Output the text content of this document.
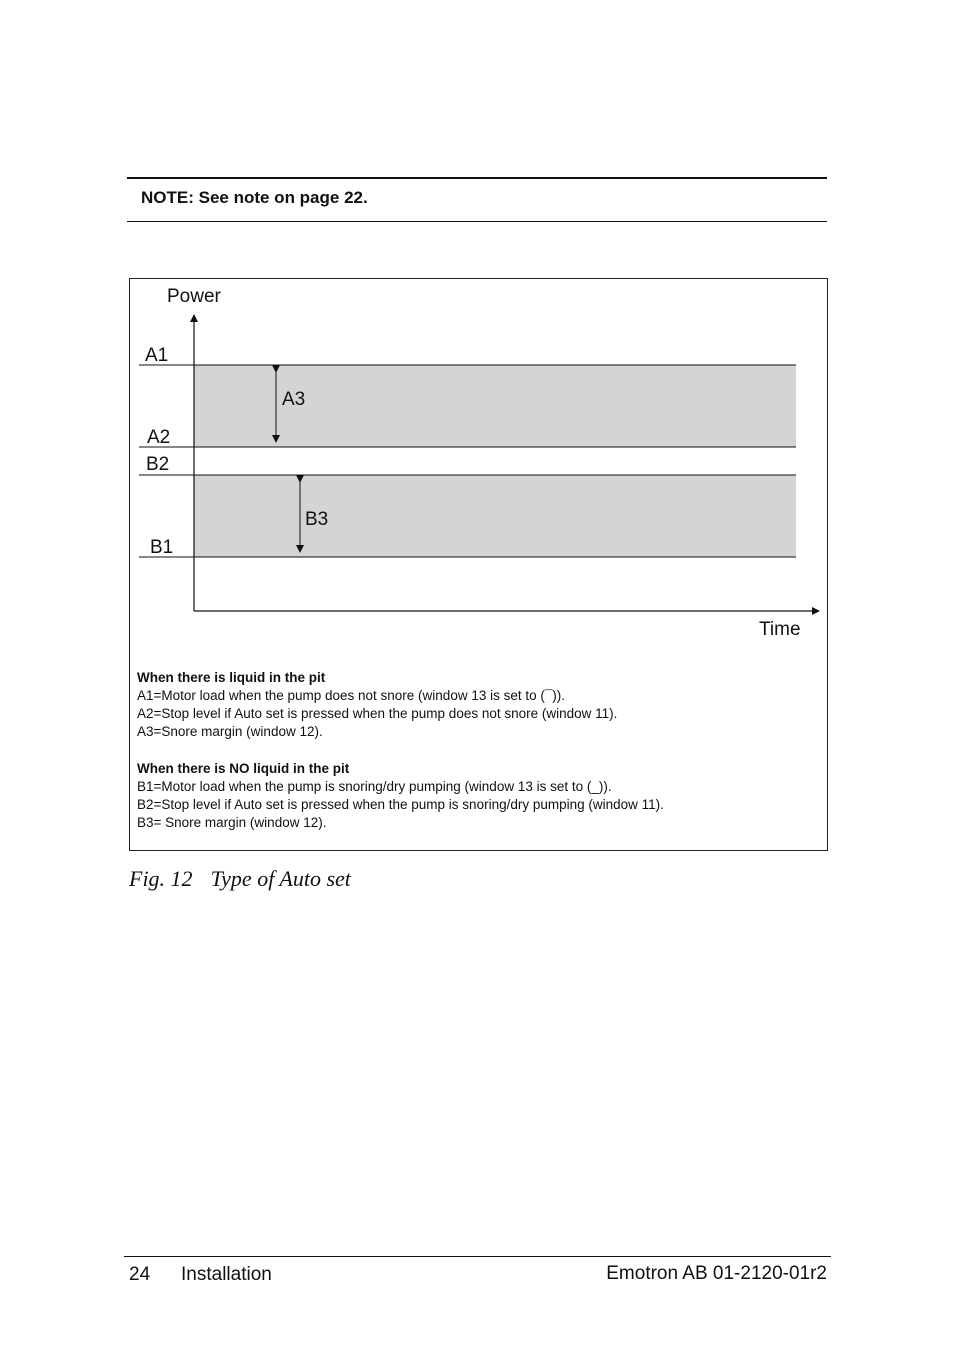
NOTE: See note on page 22.
Power
Time
A1
A2
B2
B1
A3
B3
When there is liquid in the pit
A1=Motor load when the pump does not snore (window 13 is set to (¯)).
A2=Stop level if Auto set is pressed when the pump does not snore (window 11).
A3=Snore margin (window 12).
When there is NO liquid in the pit
B1=Motor load when the pump is snoring/dry pumping (window 13 is set to (_)).
B2=Stop level if Auto set is pressed when the pump is snoring/dry pumping (window 11).
B3= Snore margin (window 12).
Fig. 12 Type of Auto set
24 Installation	Emotron AB 01-2120-01r2
